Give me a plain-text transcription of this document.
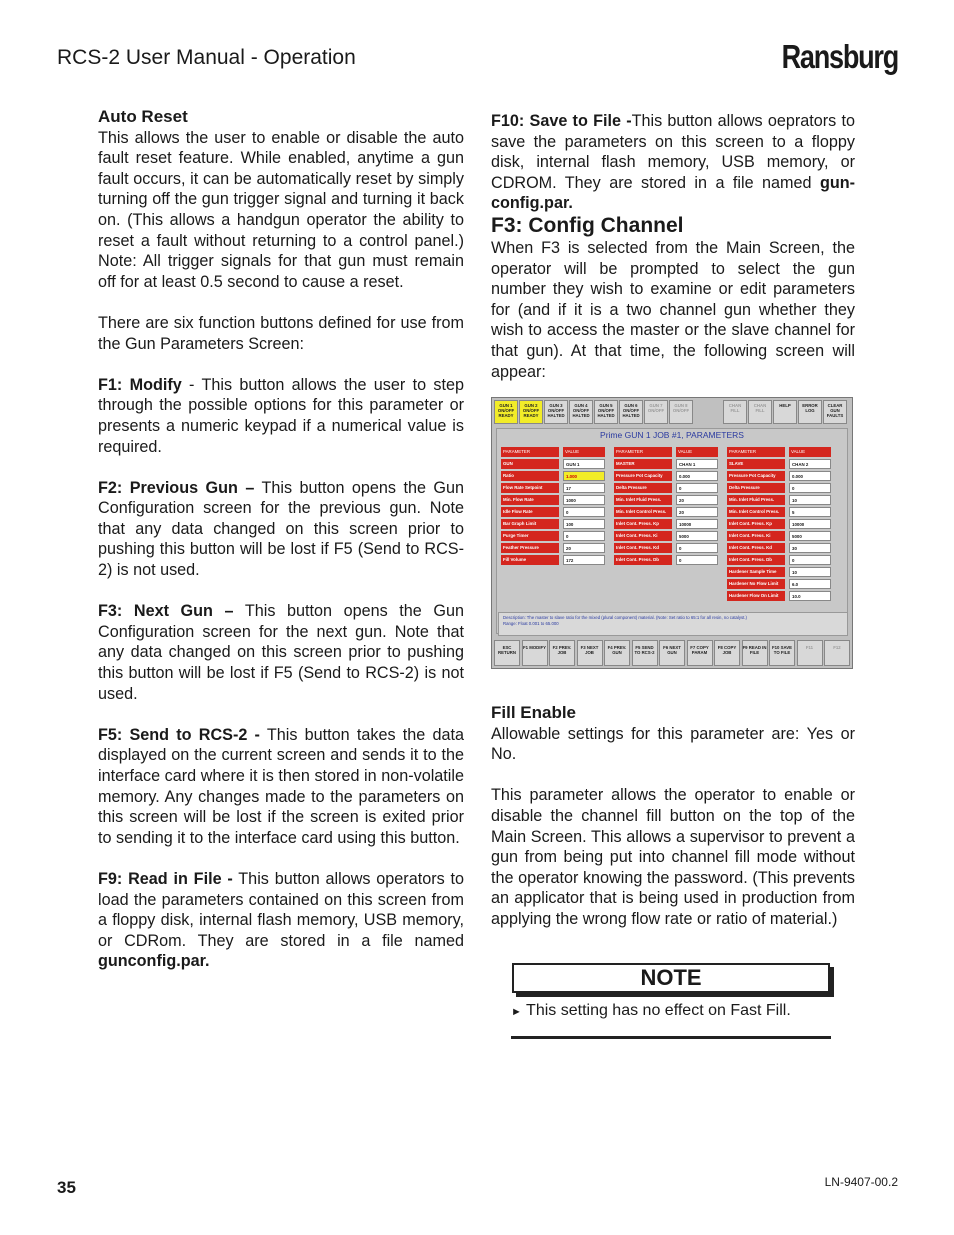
RCS-2 User Manual - Operation	Ransburg

Auto Reset

This allows the user to enable or disable the auto fault reset feature. While enabled, anytime a gun fault occurs, it can be automatically reset by simply turning off the gun trigger signal and turning it back on. (This allows a handgun operator the ability to reset a fault without returning to a control panel.) Note: All trigger signals for that gun must remain off for at least 0.5 second to cause a reset.

There are six function buttons defined for use from the Gun Parameters Screen:

F1: Modify - This button allows the user to step through the possible options for this parameter or presents a numeric keypad if a numerical value is required.

F2: Previous Gun – This button opens the Gun Configuration screen for the previous gun. Note that any data changed on this screen prior to pushing this button will be lost if F5 (Send to RCS-2) is not used.

F3: Next Gun – This button opens the Gun Configuration screen for the next gun. Note that any data changed on this screen prior to pushing this button will be lost if F5 (Send to RCS-2) is not used.

F5: Send to RCS-2 - This button takes the data displayed on the current screen and sends it to the interface card where it is then stored in non-volatile memory. Any changes made to the parameters on this screen will be lost if the screen is exited prior to sending it to the interface card using this button.

F9: Read in File - This button allows operators to load the parameters contained on this screen from a floppy disk, internal flash memory, USB memory, or CDRom. They are stored in a file named gunconfig.par.

F10: Save to File -This button allows oeprators to save the parameters on this screen to a floppy disk, internal flash memory, USB memory, or CDROM. They are stored in a file named gun-config.par.

F3: Config Channel

When F3 is selected from the Main Screen, the operator will be prompted to select the gun number they wish to examine or edit parameters for (and if it is a two channel gun whether they wish to access the master or the slave channel for that gun). At that time, the following screen will appear:

GUN 1 ON/OFF READY
GUN 2 ON/OFF READY
GUN 3 ON/OFF HALTED
GUN 4 ON/OFF HALTED
GUN 5 ON/OFF HALTED
GUN 6 ON/OFF HALTED
GUN 7 ON/OFF
GUN 8 ON/OFF
CHAN FILL
CHAN FILL
HELP	ERROR LOG
CLEAR GUN FAULTS
Prime GUN 1 JOB #1, PARAMETERS
PARAMETER	VALUE
GUN	GUN 1
Ratio	1.000
Flow Rate Setpoint	17
Min. Flow Rate	1000
Idle Flow Rate	0
Bar Graph Limit	100
Purge Timer	0
Feather Pressure	20
Fill Volume	172
PARAMETER	VALUE
MASTER	CHAN 1
Pressure Pot Capacity	0.000
Delta Pressure	0
Min. Inlet Fluid Press.	20
Min. Inlet Control Press.	20
Inlet Cont. Press. Kp	10000
Inlet Cont. Press. Ki	5000
Inlet Cont. Press. Kd	0
Inlet Cont. Press. Db	0
PARAMETER	VALUE
SLAVE	CHAN 2
Pressure Pot Capacity	0.000
Delta Pressure	0
Min. Inlet Fluid Press.	10
Min. Inlet Control Press.	5
Inlet Cont. Press. Kp	10000
Inlet Cont. Press. Ki	5000
Inlet Cont. Press. Kd	30
Inlet Cont. Press. Db	0
Hardener Sample Time	10
Hardener No Flow Limit	6.0
Hardener Flow On Limit	10.0
Description: The master to slave ratio for the mixed (plural component) material. (Note: Set ratio to 65:1 for all resin, no catalyst.)
Range: Float 0.001 to 65.000
ESC RETURN
F1 MODIFY	F2 PREV. JOB
F3 NEXT JOB
F4 PREV. GUN
F5 SEND TO RCS-2
F6 NEXT GUN
F7 COPY PARAM
F8 COPY JOB
F9 READ IN FILE
F10 SAVE TO FILE
F11	F12

Fill Enable

Allowable settings for this parameter are: Yes or No.

This parameter allows the operator to enable or disable the channel fill button on the top of the Main Screen. This allows a supervisor to prevent a gun from being put into channel fill mode without the operator knowing the password. (This prevents an applicator that is being used in production from applying the wrong flow rate or ratio of material.)

NOTE
► This setting has no effect on Fast Fill.
35	LN-9407-00.2
